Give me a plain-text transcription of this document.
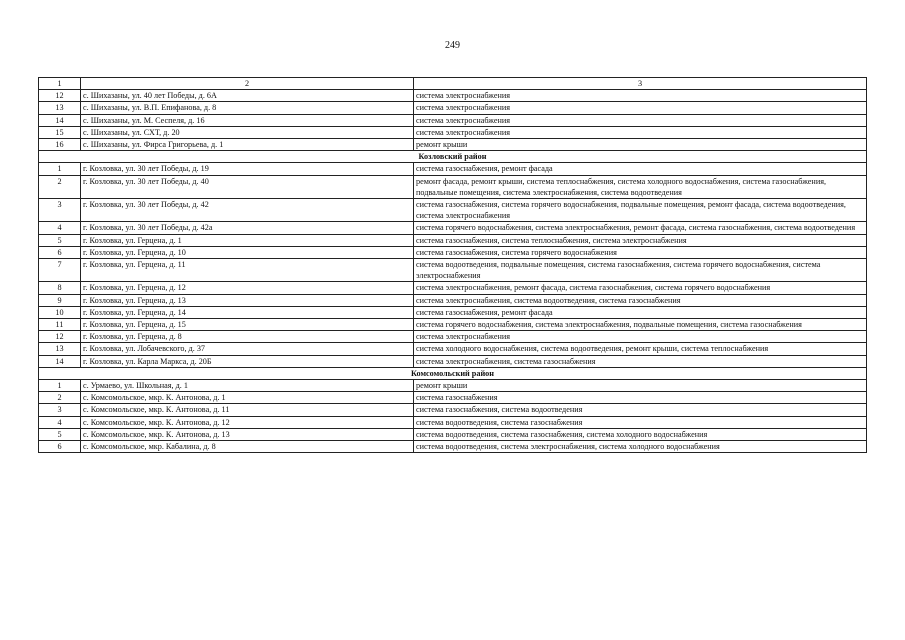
249
1	2	3
12	с. Шихазаны, ул. 40 лет Победы, д. 6А	система электроснабжения
13	с. Шихазаны, ул. В.П. Епифанова, д. 8	система электроснабжения
14	с. Шихазаны, ул. М. Сеспеля, д. 16	система электроснабжения
15	с. Шихазаны, ул. СХТ, д. 20	система электроснабжения
16	с. Шихазаны, ул. Фирса Григорьева, д. 1	ремонт крыши
Козловский район		
1	г. Козловка, ул. 30 лет Победы, д. 19	система газоснабжения, ремонт фасада
2	г. Козловка, ул. 30 лет Победы, д. 40	ремонт фасада, ремонт крыши, система теплоснабжения, система холодного водоснабжения, система газоснабжения, подвальные помещения, система электроснабжения, система водоотведения
3	г. Козловка, ул. 30 лет Победы, д. 42	система газоснабжения, система горячего водоснабжения, подвальные помещения, ремонт фасада, система водоотведения, система электроснабжения
4	г. Козловка, ул. 30 лет Победы, д. 42а	система горячего водоснабжения, система электроснабжения, ремонт фасада, система газоснабжения, система водоотведения
5	г. Козловка, ул. Герцена, д. 1	система газоснабжения, система теплоснабжения, система электроснабжения
6	г. Козловка, ул. Герцена, д. 10	система газоснабжения, система горячего водоснабжения
7	г. Козловка, ул. Герцена, д. 11	система водоотведения, подвальные помещения, система газоснабжения, система горячего водоснабжения, система электроснабжения
8	г. Козловка, ул. Герцена, д. 12	система электроснабжения, ремонт фасада, система газоснабжения, система горячего водоснабжения
9	г. Козловка, ул. Герцена, д. 13	система электроснабжения, система водоотведения, система газоснабжения
10	г. Козловка, ул. Герцена, д. 14	система газоснабжения, ремонт фасада
11	г. Козловка, ул. Герцена, д. 15	система горячего водоснабжения, система электроснабжения, подвальные помещения, система газоснабжения
12	г. Козловка, ул. Герцена, д. 8	система электроснабжения
13	г. Козловка, ул. Лобачевского, д. 37	система холодного водоснабжения, система водоотведения, ремонт крыши, система теплоснабжения
14	г. Козловка, ул. Карла Маркса, д. 20Б	система электроснабжения, система газоснабжения
Комсомольский район		
1	с. Урмаево, ул. Школьная, д. 1	ремонт крыши
2	с. Комсомольское, мкр. К. Антонова, д. 1	система газоснабжения
3	с. Комсомольское, мкр. К. Антонова, д. 11	система газоснабжения, система водоотведения
4	с. Комсомольское, мкр. К. Антонова, д. 12	система водоотведения, система газоснабжения
5	с. Комсомольское, мкр. К. Антонова, д. 13	система водоотведения, система газоснабжения, система холодного водоснабжения
6	с. Комсомольское, мкр. Кабалина, д. 8	система водоотведения, система электроснабжения, система холодного водоснабжения
